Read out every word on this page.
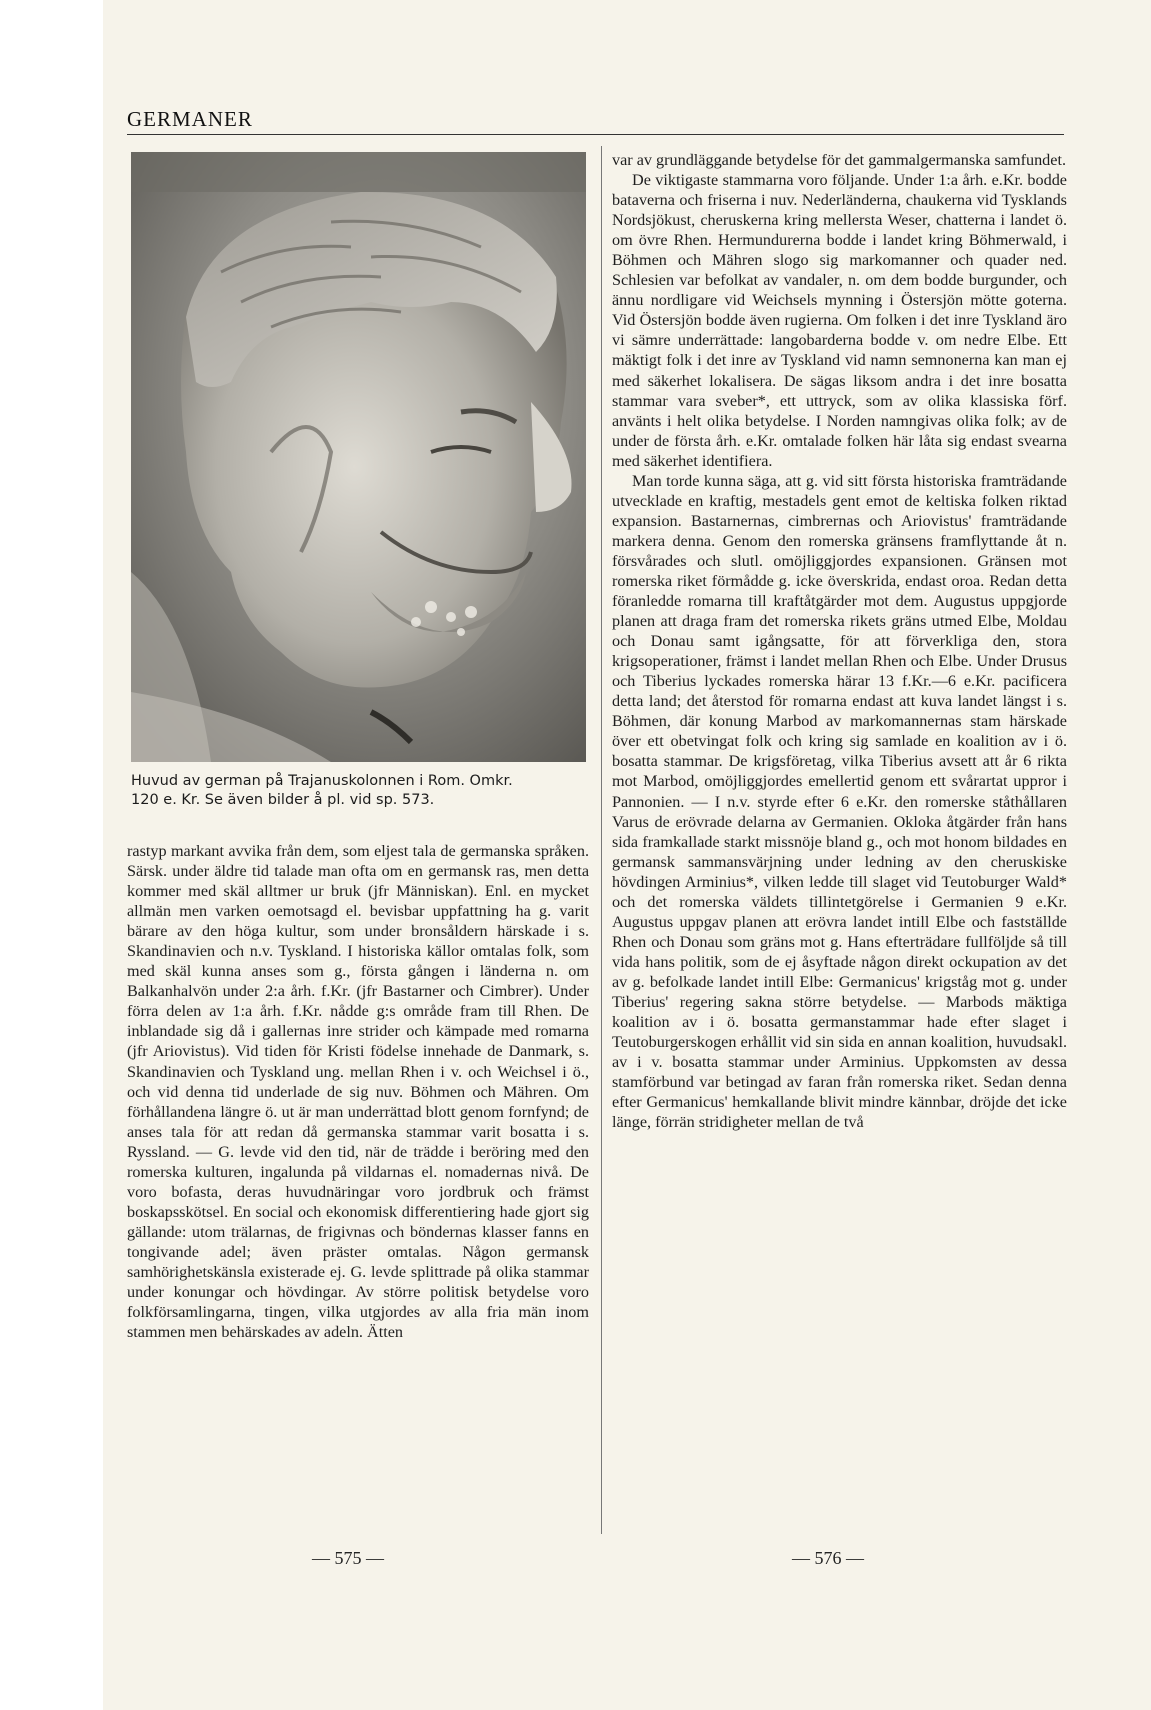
GERMANER
Huvud av german på Trajanuskolonnen i Rom. Omkr.
120 e. Kr. Se även bilder å pl. vid sp. 573.

rastyp markant avvika från dem, som eljest tala de germanska språken. Särsk. under äldre tid talade man ofta om en germansk ras, men detta kommer med skäl alltmer ur bruk (jfr Människan). Enl. en mycket allmän men varken oemotsagd el. bevisbar uppfattning ha g. varit bärare av den höga kultur, som under bronsåldern härskade i s. Skandinavien och n.v. Tyskland. I historiska källor omtalas folk, som med skäl kunna anses som g., första gången i länderna n. om Balkanhalvön under 2:a årh. f.Kr. (jfr Bastarner och Cimbrer). Under förra delen av 1:a årh. f.Kr. nådde g:s område fram till Rhen. De inblandade sig då i gallernas inre strider och kämpade med romarna (jfr Ariovistus). Vid tiden för Kristi födelse innehade de Danmark, s. Skandinavien och Tyskland ung. mellan Rhen i v. och Weichsel i ö., och vid denna tid underlade de sig nuv. Böhmen och Mähren. Om förhållandena längre ö. ut är man underrättad blott genom fornfynd; de anses tala för att redan då germanska stammar varit bosatta i s. Ryssland. — G. levde vid den tid, när de trädde i beröring med den romerska kulturen, ingalunda på vildarnas el. nomadernas nivå. De voro bofasta, deras huvudnäringar voro jordbruk och främst boskapsskötsel. En social och ekonomisk differentiering hade gjort sig gällande: utom trälarnas, de frigivnas och böndernas klasser fanns en tongivande adel; även präster omtalas. Någon germansk samhörighetskänsla existerade ej. G. levde splittrade på olika stammar under konungar och hövdingar. Av större politisk betydelse voro folkförsamlingarna, tingen, vilka utgjordes av alla fria män inom stammen men behärskades av adeln. Ätten

var av grundläggande betydelse för det gammalgermanska samfundet.

De viktigaste stammarna voro följande. Under 1:a årh. e.Kr. bodde bataverna och friserna i nuv. Nederländerna, chaukerna vid Tysklands Nordsjökust, cheruskerna kring mellersta Weser, chatterna i landet ö. om övre Rhen. Hermundurerna bodde i landet kring Böhmerwald, i Böhmen och Mähren slogo sig markomanner och quader ned. Schlesien var befolkat av vandaler, n. om dem bodde burgunder, och ännu nordligare vid Weichsels mynning i Östersjön mötte goterna. Vid Östersjön bodde även rugierna. Om folken i det inre Tyskland äro vi sämre underrättade: langobarderna bodde v. om nedre Elbe. Ett mäktigt folk i det inre av Tyskland vid namn semnonerna kan man ej med säkerhet lokalisera. De sägas liksom andra i det inre bosatta stammar vara sveber*, ett uttryck, som av olika klassiska förf. använts i helt olika betydelse. I Norden namngivas olika folk; av de under de första årh. e.Kr. omtalade folken här låta sig endast svearna med säkerhet identifiera.

Man torde kunna säga, att g. vid sitt första historiska framträdande utvecklade en kraftig, mestadels gent emot de keltiska folken riktad expansion. Bastarnernas, cimbrernas och Ariovistus' framträdande markera denna. Genom den romerska gränsens framflyttande åt n. försvårades och slutl. omöjliggjordes expansionen. Gränsen mot romerska riket förmådde g. icke överskrida, endast oroa. Redan detta föranledde romarna till kraftåtgärder mot dem. Augustus uppgjorde planen att draga fram det romerska rikets gräns utmed Elbe, Moldau och Donau samt igångsatte, för att förverkliga den, stora krigsoperationer, främst i landet mellan Rhen och Elbe. Under Drusus och Tiberius lyckades romerska härar 13 f.Kr.—6 e.Kr. pacificera detta land; det återstod för romarna endast att kuva landet längst i s. Böhmen, där konung Marbod av markomannernas stam härskade över ett obetvingat folk och kring sig samlade en koalition av i ö. bosatta stammar. De krigsföretag, vilka Tiberius avsett att år 6 rikta mot Marbod, omöjliggjordes emellertid genom ett svårartat uppror i Pannonien. — I n.v. styrde efter 6 e.Kr. den romerske ståthållaren Varus de erövrade delarna av Germanien. Okloka åtgärder från hans sida framkallade starkt missnöje bland g., och mot honom bildades en germansk sammansvärjning under ledning av den cheruskiske hövdingen Arminius*, vilken ledde till slaget vid Teutoburger Wald* och det romerska väldets tillintetgörelse i Germanien 9 e.Kr. Augustus uppgav planen att erövra landet intill Elbe och fastställde Rhen och Donau som gräns mot g. Hans efterträdare fullföljde så till vida hans politik, som de ej åsyftade någon direkt ockupation av det av g. befolkade landet intill Elbe: Germanicus' krigståg mot g. under Tiberius' regering sakna större betydelse. — Marbods mäktiga koalition av i ö. bosatta germanstammar hade efter slaget i Teutoburgerskogen erhållit vid sin sida en annan koalition, huvudsakl. av i v. bosatta stammar under Arminius. Uppkomsten av dessa stamförbund var betingad av faran från romerska riket. Sedan denna efter Germanicus' hemkallande blivit mindre kännbar, dröjde det icke länge, förrän stridigheter mellan de två

— 575 —	— 576 —
